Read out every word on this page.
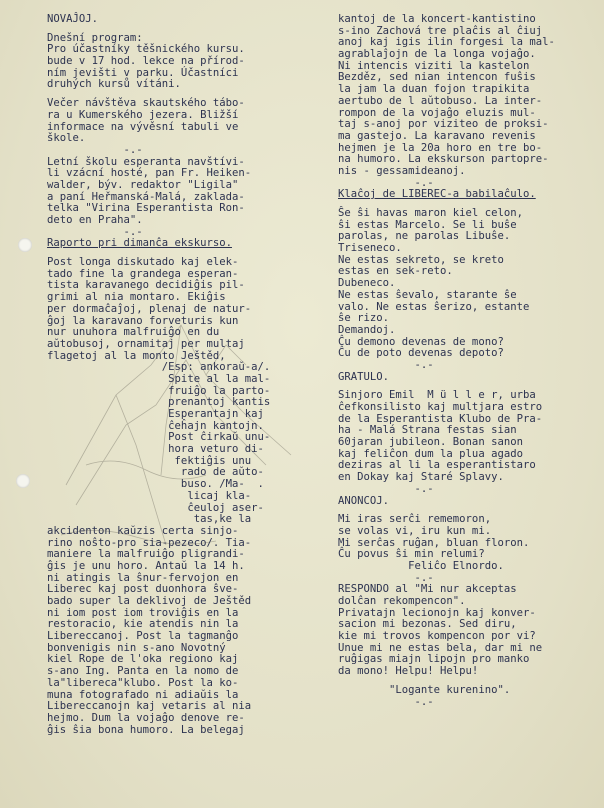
NOVAĴOJ.
Dnešní program:
Pro účastníky těšnického kursu.
bude v 17 hod. lekce na přírod-
ním jevišti v parku. Účastníci
druhých kursů vítáni.
Večer návštěva skautského tábo-
ra u Kumerského jezera. Bližší
informace na vývěsní tabuli ve
škole.
-.-
Letní školu esperanta navštívi-
li vzácní hosté, pan Fr. Heiken-
walder, býv. redaktor "Ligila"
a paní Heřmanská-Malá, zaklada-
telka "Virina Esperantista Ron-
deto en Praha".
-.-
Raporto pri dimanĉa ekskurso.
Post longa diskutado kaj elek-
tado fine la grandega esperan-
tista karavanego decidiĝis pil-
grimi al nia montaro. Ekiĝis
per dormaĉaĵoj, plenaj de natur-
ĝoj la karavano forveturis kun
nur unuhora malfruiĝo en du
aŭtobusoj, ornamitaj per multaj
flagetoj al la monto Ještěd,
/Esp: ankoraŭ-a/.
Spite al la mal-
fruiĝo la parto-
prenantoj kantis
Esperantajn kaj
ĉeĥajn kantojn.
Post ĉirkaŭ unu-
hora veturo di-
fektiĝis unu
rado de aŭto-
buso. /Ma-  .
licaj kla-
ĉeuloj aser-
tas,ke la
akcidenton kaŭzis certa sinjo-
rino noŝto-pro sia-pezeco/. Tia-
maniere la malfruiĝo pligrandi-
ĝis je unu horo. Antaŭ la 14 h.
ni atingis la ŝnur-fervojon en
Liberec kaj post duonhora ŝve-
bado super la deklivoj de Ještěd
ni iom post iom troviĝis en la
restoracio, kie atendis nin la
Libereccanoj. Post la tagmanĝo
bonvenigis nin s-ano Novotný
kiel Rope de l'oka regiono kaj
s-ano Ing. Panta en la nomo de
la"libereca"klubo. Post la ko-
muna fotografado ni adiaŭis la
Libereccanojn kaj vetaris al nia
hejmo. Dum la vojaĝo denove re-
ĝis ŝia bona humoro. La belegaj
kantoj de la koncert-kantistino
s-ino Zachová tre plaĉis al ĉiuj
anoj kaj igis ilin forgesi la mal-
agrablaĵojn de la longa vojaĝo.
Ni intencis viziti la kastelon
Bezděz, sed nian intencon fuŝis
la jam la duan fojon trapikita
aertubo de l aŭtobuso. La inter-
rompon de la vojaĝo eluzis mul-
taj s-anoj por viziteo de proksi-
ma gastejo. La karavano revenis
hejmen je la 20a horo en tre bo-
na humoro. La ekskurson partopre-
nis - gessamideanoj.
-.-
Klaĉoj de LIBEREC-a babilaĉulo.
Ŝe ŝi havas maron kiel celon,
ŝi estas Marcelo. Se li buŝe
parolas, ne parolas Libuŝe.
Triseneco.
Ne estas sekreto, se kreto
estas en sek-reto.
Dubeneco.
Ne estas ŝevalo, starante ŝe
valo. Ne estas ŝerizo, estante
ŝe rizo.
Demandoj.
Ĉu demono devenas de mono?
Ĉu de poto devenas depoto?
-.-
GRATULO.
Sinjoro Emil  M ü l l e r, urba
ĉefkonsilisto kaj multjara estro
de la Esperantista Klubo de Pra-
ha - Malá Strana festas sian
60jaran jubileon. Bonan sanon
kaj feliĉon dum la plua agado
deziras al li la esperantistaro
en Dokay kaj Staré Splavy.
-.-
ANONCOJ.
Mi iras serĉi rememoron,
se volas vi, iru kun mi.
Mi serĉas ruĝan, bluan floron.
Ĉu povus ŝi min relumi?
Feliĉo Elnordo.
-.-
RESPONDO al "Mi nur akceptas
dolĉan rekompencon".
Privatajn lecionojn kaj konver-
sacion mi bezonas. Sed diru,
kie mi trovos kompencon por vi?
Unue mi ne estas bela, dar mi ne
ruĝigas miajn lipojn pro manko
da mono! Helpu! Helpu!
"Logante kurenino".
-.-
